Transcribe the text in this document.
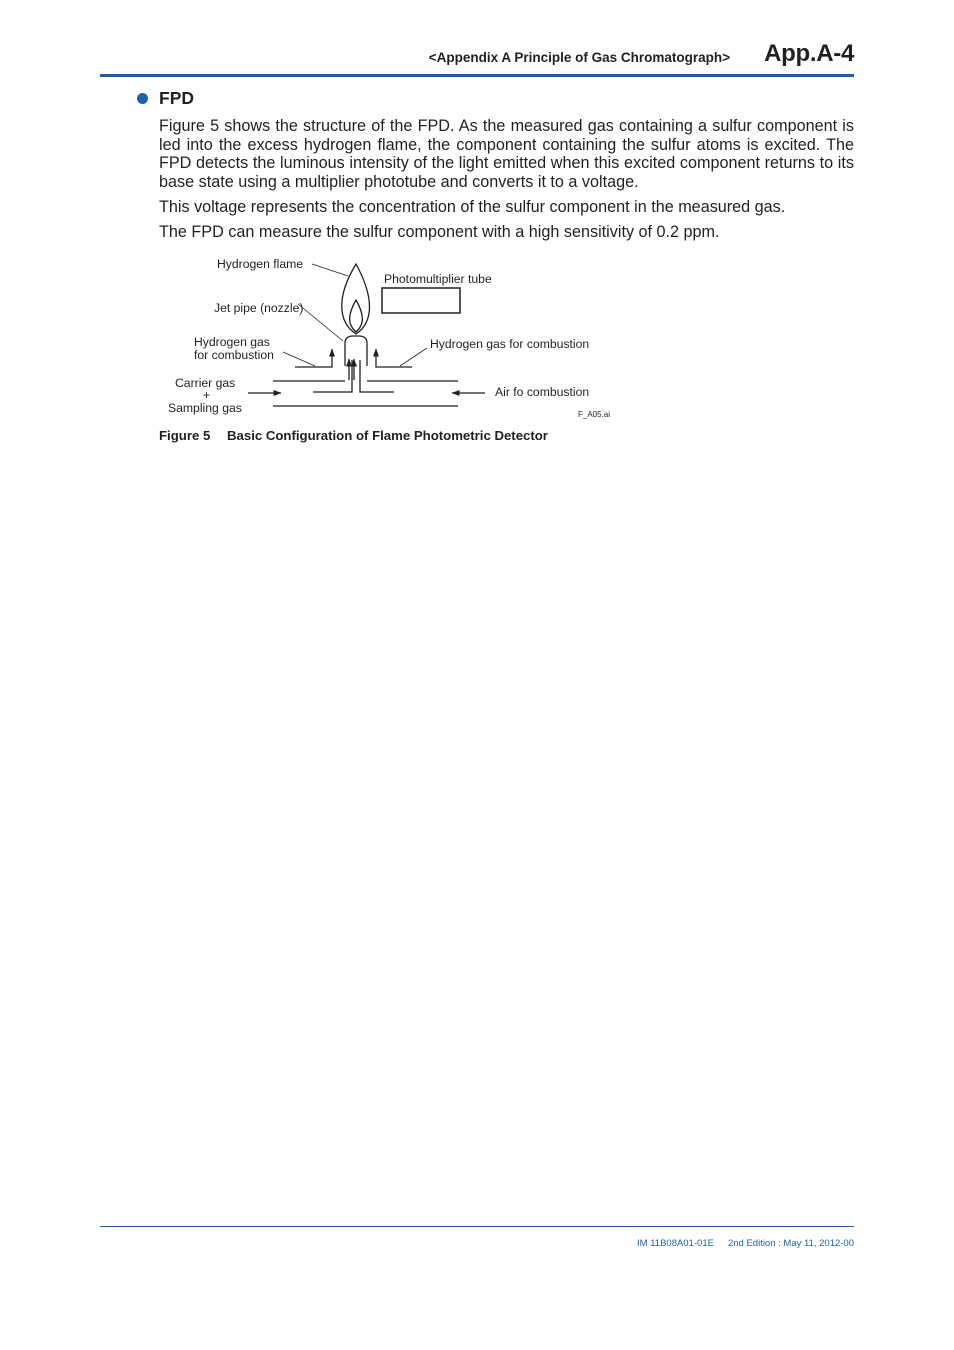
<Appendix A Principle of Gas Chromatograph> App.A-4
FPD
Figure 5 shows the structure of the FPD. As the measured gas containing a sulfur component is led into the excess hydrogen flame, the component containing the sulfur atoms is excited. The FPD detects the luminous intensity of the light emitted when this excited component returns to its base state using a multiplier phototube and converts it to a voltage.
This voltage represents the concentration of the sulfur component in the measured gas.
The FPD can measure the sulfur component with a high sensitivity of 0.2 ppm.
Hydrogen flame
Photomultiplier tube
Jet pipe (nozzle)
Hydrogen gas
for combustion
Hydrogen gas for combustion
Carrier gas
+
Sampling gas
Air fo combustion
F_A05.ai
Figure 5 Basic Configuration of Flame Photometric Detector
IM 11B08A01-01E 2nd Edition : May 11, 2012-00
